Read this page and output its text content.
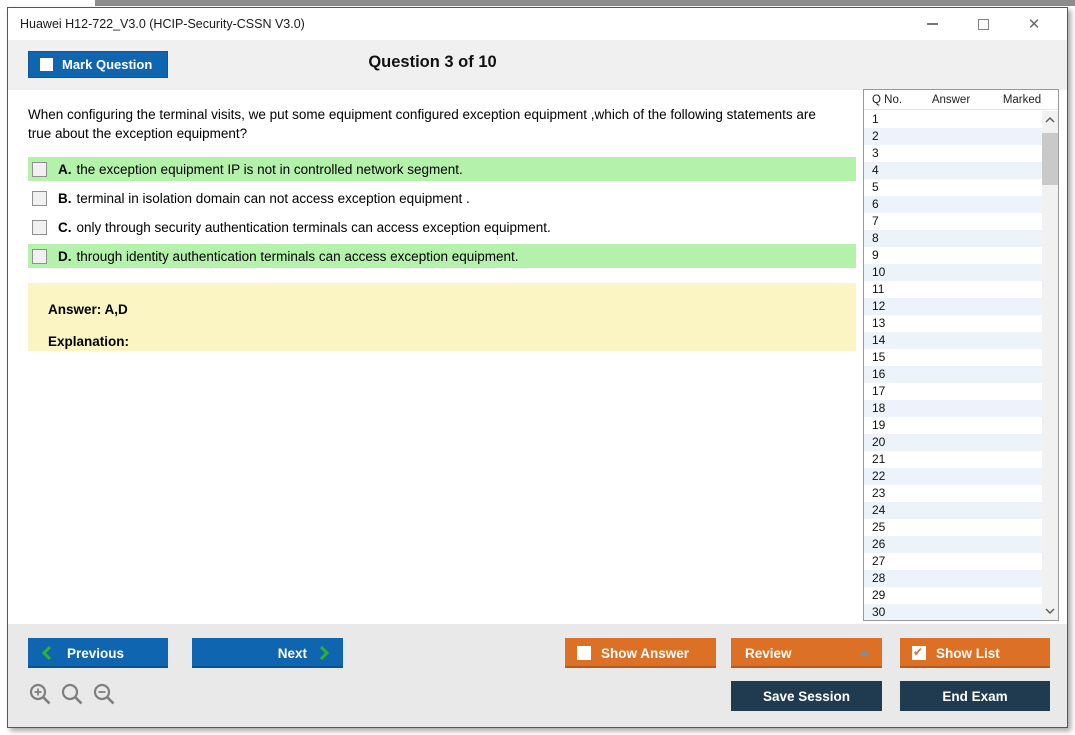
Huawei H12-722_V3.0 (HCIP-Security-CSSN V3.0)	✕
Mark Question	Question 3 of 10
When configuring the terminal visits, we put some equipment configured exception equipment ,which of the following statements are true about the exception equipment?
A. the exception equipment IP is not in controlled network segment.
B. terminal in isolation domain can not access exception equipment .
C. only through security authentication terminals can access exception equipment.
D. through identity authentication terminals can access exception equipment.
Answer: A,D
Explanation:
Q No.	Answer	Marked
1
2
3
4
5
6
7
8
9
10
11
12
13
14
15
16
17
18
19
20
21
22
23
24
25
26
27
28
29
30
Previous	Next	Show Answer	Review ✔	Show List
Save Session	End Exam
